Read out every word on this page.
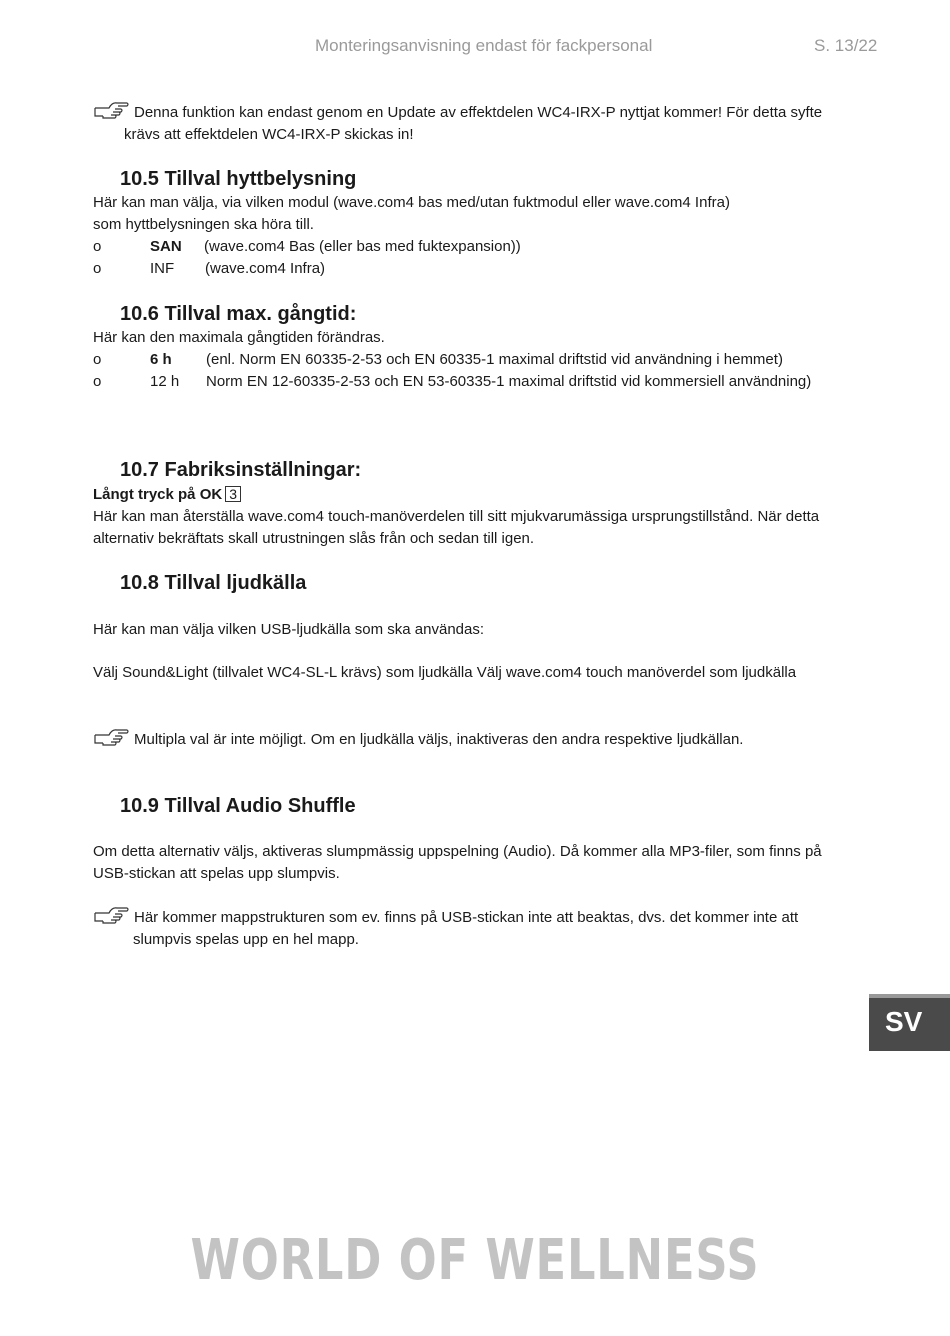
Monteringsanvisning endast för fackpersonal	S. 13/22
Denna funktion kan endast genom en Update av effektdelen WC4-IRX-P nyttjat kommer! För detta syfte
krävs att effektdelen WC4-IRX-P skickas in!
10.5 Tillval hyttbelysning
Här kan man välja, via vilken modul (wave.com4 bas med/utan fuktmodul eller wave.com4 Infra)
som hyttbelysningen ska höra till.
o	SAN (wave.com4 Bas (eller bas med fuktexpansion))
o	INF (wave.com4 Infra)
10.6 Tillval max. gångtid:
Här kan den maximala gångtiden förändras.
o	6 h (enl. Norm EN 60335-2-53 och EN 60335-1 maximal driftstid vid användning i hemmet)
o	12 h Norm EN 12-60335-2-53 och EN 53-60335-1 maximal driftstid vid kommersiell användning)
10.7 Fabriksinställningar:
Långt tryck på OK 3
Här kan man återställa wave.com4 touch-manöverdelen till sitt mjukvarumässiga ursprungstillstånd. När detta
alternativ bekräftats skall utrustningen slås från och sedan till igen.
10.8 Tillval ljudkälla
Här kan man välja vilken USB-ljudkälla som ska användas:
Välj Sound&Light (tillvalet WC4-SL-L krävs) som ljudkälla Välj wave.com4 touch manöverdel som ljudkälla
Multipla val är inte möjligt. Om en ljudkälla väljs, inaktiveras den andra respektive ljudkällan.
10.9 Tillval Audio Shuffle
Om detta alternativ väljs, aktiveras slumpmässig uppspelning (Audio). Då kommer alla MP3-filer, som finns på
USB-stickan att spelas upp slumpvis.
Här kommer mappstrukturen som ev. finns på USB-stickan inte att beaktas, dvs. det kommer inte att
slumpvis spelas upp en hel mapp.
SV
WORLD OF WELLNESS
